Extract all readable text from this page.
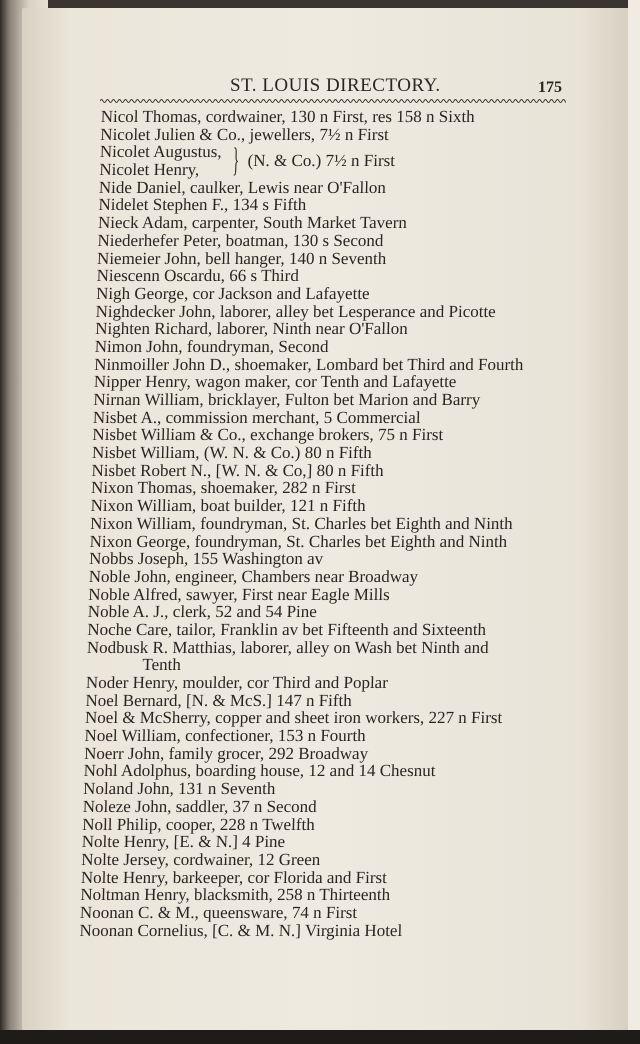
ST. LOUIS DIRECTORY.	175
Nicol Thomas, cordwainer, 130 n First, res 158 n Sixth
Nicolet Julien & Co., jewellers, 7½ n First
Nicolet Augustus,
Nicolet Henry, } (N. & Co.) 7½ n First
Nide Daniel, caulker, Lewis near O'Fallon
Nidelet Stephen F., 134 s Fifth
Nieck Adam, carpenter, South Market Tavern
Niederhefer Peter, boatman, 130 s Second
Niemeier John, bell hanger, 140 n Seventh
Niescenn Oscardu, 66 s Third
Nigh George, cor Jackson and Lafayette
Nighdecker John, laborer, alley bet Lesperance and Picotte
Nighten Richard, laborer, Ninth near O'Fallon
Nimon John, foundryman, Second
Ninmoiller John D., shoemaker, Lombard bet Third and Fourth
Nipper Henry, wagon maker, cor Tenth and Lafayette
Nirnan William, bricklayer, Fulton bet Marion and Barry
Nisbet A., commission merchant, 5 Commercial
Nisbet William & Co., exchange brokers, 75 n First
Nisbet William, (W. N. & Co.) 80 n Fifth
Nisbet Robert N., [W. N. & Co,] 80 n Fifth
Nixon Thomas, shoemaker, 282 n First
Nixon William, boat builder, 121 n Fifth
Nixon William, foundryman, St. Charles bet Eighth and Ninth
Nixon George, foundryman, St. Charles bet Eighth and Ninth
Nobbs Joseph, 155 Washington av
Noble John, engineer, Chambers near Broadway
Noble Alfred, sawyer, First near Eagle Mills
Noble A. J., clerk, 52 and 54 Pine
Noche Care, tailor, Franklin av bet Fifteenth and Sixteenth
Nodbusk R. Matthias, laborer, alley on Wash bet Ninth and
Tenth
Noder Henry, moulder, cor Third and Poplar
Noel Bernard, [N. & McS.] 147 n Fifth
Noel & McSherry, copper and sheet iron workers, 227 n First
Noel William, confectioner, 153 n Fourth
Noerr John, family grocer, 292 Broadway
Nohl Adolphus, boarding house, 12 and 14 Chesnut
Noland John, 131 n Seventh
Noleze John, saddler, 37 n Second
Noll Philip, cooper, 228 n Twelfth
Nolte Henry, [E. & N.] 4 Pine
Nolte Jersey, cordwainer, 12 Green
Nolte Henry, barkeeper, cor Florida and First
Noltman Henry, blacksmith, 258 n Thirteenth
Noonan C. & M., queensware, 74 n First
Noonan Cornelius, [C. & M. N.] Virginia Hotel
